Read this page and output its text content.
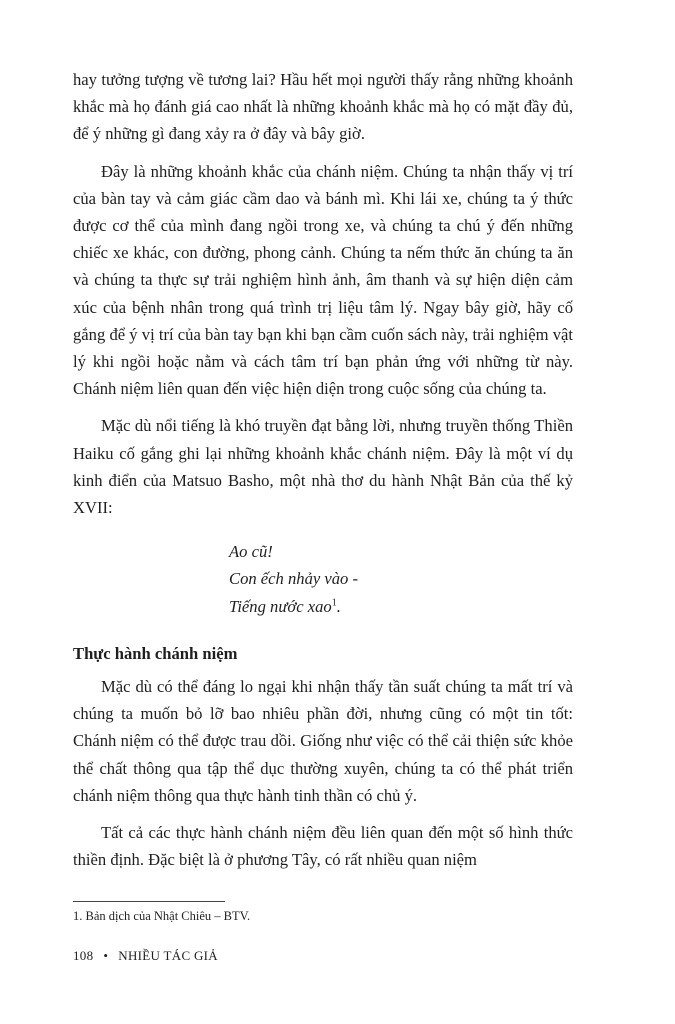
hay tưởng tượng về tương lai? Hầu hết mọi người thấy rằng những khoảnh khắc mà họ đánh giá cao nhất là những khoảnh khắc mà họ có mặt đầy đủ, để ý những gì đang xảy ra ở đây và bây giờ.

Đây là những khoảnh khắc của chánh niệm. Chúng ta nhận thấy vị trí của bàn tay và cảm giác cầm dao và bánh mì. Khi lái xe, chúng ta ý thức được cơ thể của mình đang ngồi trong xe, và chúng ta chú ý đến những chiếc xe khác, con đường, phong cảnh. Chúng ta nếm thức ăn chúng ta ăn và chúng ta thực sự trải nghiệm hình ảnh, âm thanh và sự hiện diện cảm xúc của bệnh nhân trong quá trình trị liệu tâm lý. Ngay bây giờ, hãy cố gắng để ý vị trí của bàn tay bạn khi bạn cầm cuốn sách này, trải nghiệm vật lý khi ngồi hoặc nằm và cách tâm trí bạn phản ứng với những từ này. Chánh niệm liên quan đến việc hiện diện trong cuộc sống của chúng ta.

Mặc dù nổi tiếng là khó truyền đạt bằng lời, nhưng truyền thống Thiền Haiku cố gắng ghi lại những khoảnh khắc chánh niệm. Đây là một ví dụ kinh điển của Matsuo Basho, một nhà thơ du hành Nhật Bản của thế kỷ XVII:

Ao cũ!
Con ếch nhảy vào -
Tiếng nước xao$^1$.
Thực hành chánh niệm

Mặc dù có thể đáng lo ngại khi nhận thấy tần suất chúng ta mất trí và chúng ta muốn bỏ lỡ bao nhiêu phần đời, nhưng cũng có một tin tốt: Chánh niệm có thể được trau dồi. Giống như việc có thể cải thiện sức khỏe thể chất thông qua tập thể dục thường xuyên, chúng ta có thể phát triển chánh niệm thông qua thực hành tinh thần có chủ ý.

Tất cả các thực hành chánh niệm đều liên quan đến một số hình thức thiền định. Đặc biệt là ở phương Tây, có rất nhiều quan niệm

1. Bản dịch của Nhật Chiêu – BTV.
108 • NHIỀU TÁC GIẢ
